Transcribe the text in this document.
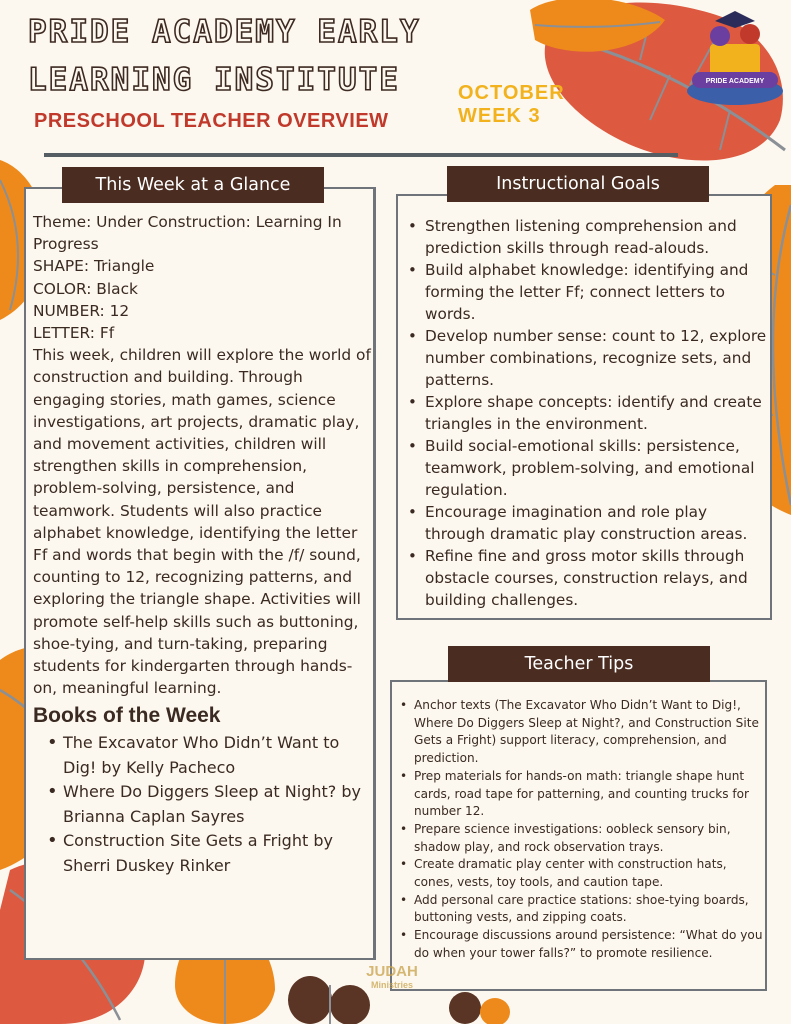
PRIDE ACADEMY
PRIDE ACADEMY EARLY
LEARNING INSTITUTE
PRESCHOOL TEACHER OVERVIEW
OCTOBER
WEEK 3
This Week at a Glance
Theme: Under Construction: Learning In Progress
SHAPE: Triangle
COLOR: Black
NUMBER: 12
LETTER: Ff
This week, children will explore the world of construction and building. Through engaging stories, math games, science investigations, art projects, dramatic play, and movement activities, children will strengthen skills in comprehension, problem-solving, persistence, and teamwork. Students will also practice alphabet knowledge, identifying the letter Ff and words that begin with the /f/ sound, counting to 12, recognizing patterns, and exploring the triangle shape. Activities will promote self-help skills such as buttoning, shoe-tying, and turn-taking, preparing students for kindergarten through hands-on, meaningful learning.
Books of the Week
• The Excavator Who Didn’t Want to Dig! by Kelly Pacheco
• Where Do Diggers Sleep at Night? by Brianna Caplan Sayres
• Construction Site Gets a Fright by Sherri Duskey Rinker
Instructional Goals
• Strengthen listening comprehension and prediction skills through read-alouds.
• Build alphabet knowledge: identifying and forming the letter Ff; connect letters to words.
• Develop number sense: count to 12, explore number combinations, recognize sets, and patterns.
• Explore shape concepts: identify and create triangles in the environment.
• Build social-emotional skills: persistence, teamwork, problem-solving, and emotional regulation.
• Encourage imagination and role play through dramatic play construction areas.
• Refine fine and gross motor skills through obstacle courses, construction relays, and building challenges.
Teacher Tips
• Anchor texts (The Excavator Who Didn’t Want to Dig!, Where Do Diggers Sleep at Night?, and Construction Site Gets a Fright) support literacy, comprehension, and prediction.
• Prep materials for hands-on math: triangle shape hunt cards, road tape for patterning, and counting trucks for number 12.
• Prepare science investigations: oobleck sensory bin, shadow play, and rock observation trays.
• Create dramatic play center with construction hats, cones, vests, toy tools, and caution tape.
• Add personal care practice stations: shoe-tying boards, buttoning vests, and zipping coats.
• Encourage discussions around persistence: “What do you do when your tower falls?” to promote resilience.
JUDAH
Ministries
